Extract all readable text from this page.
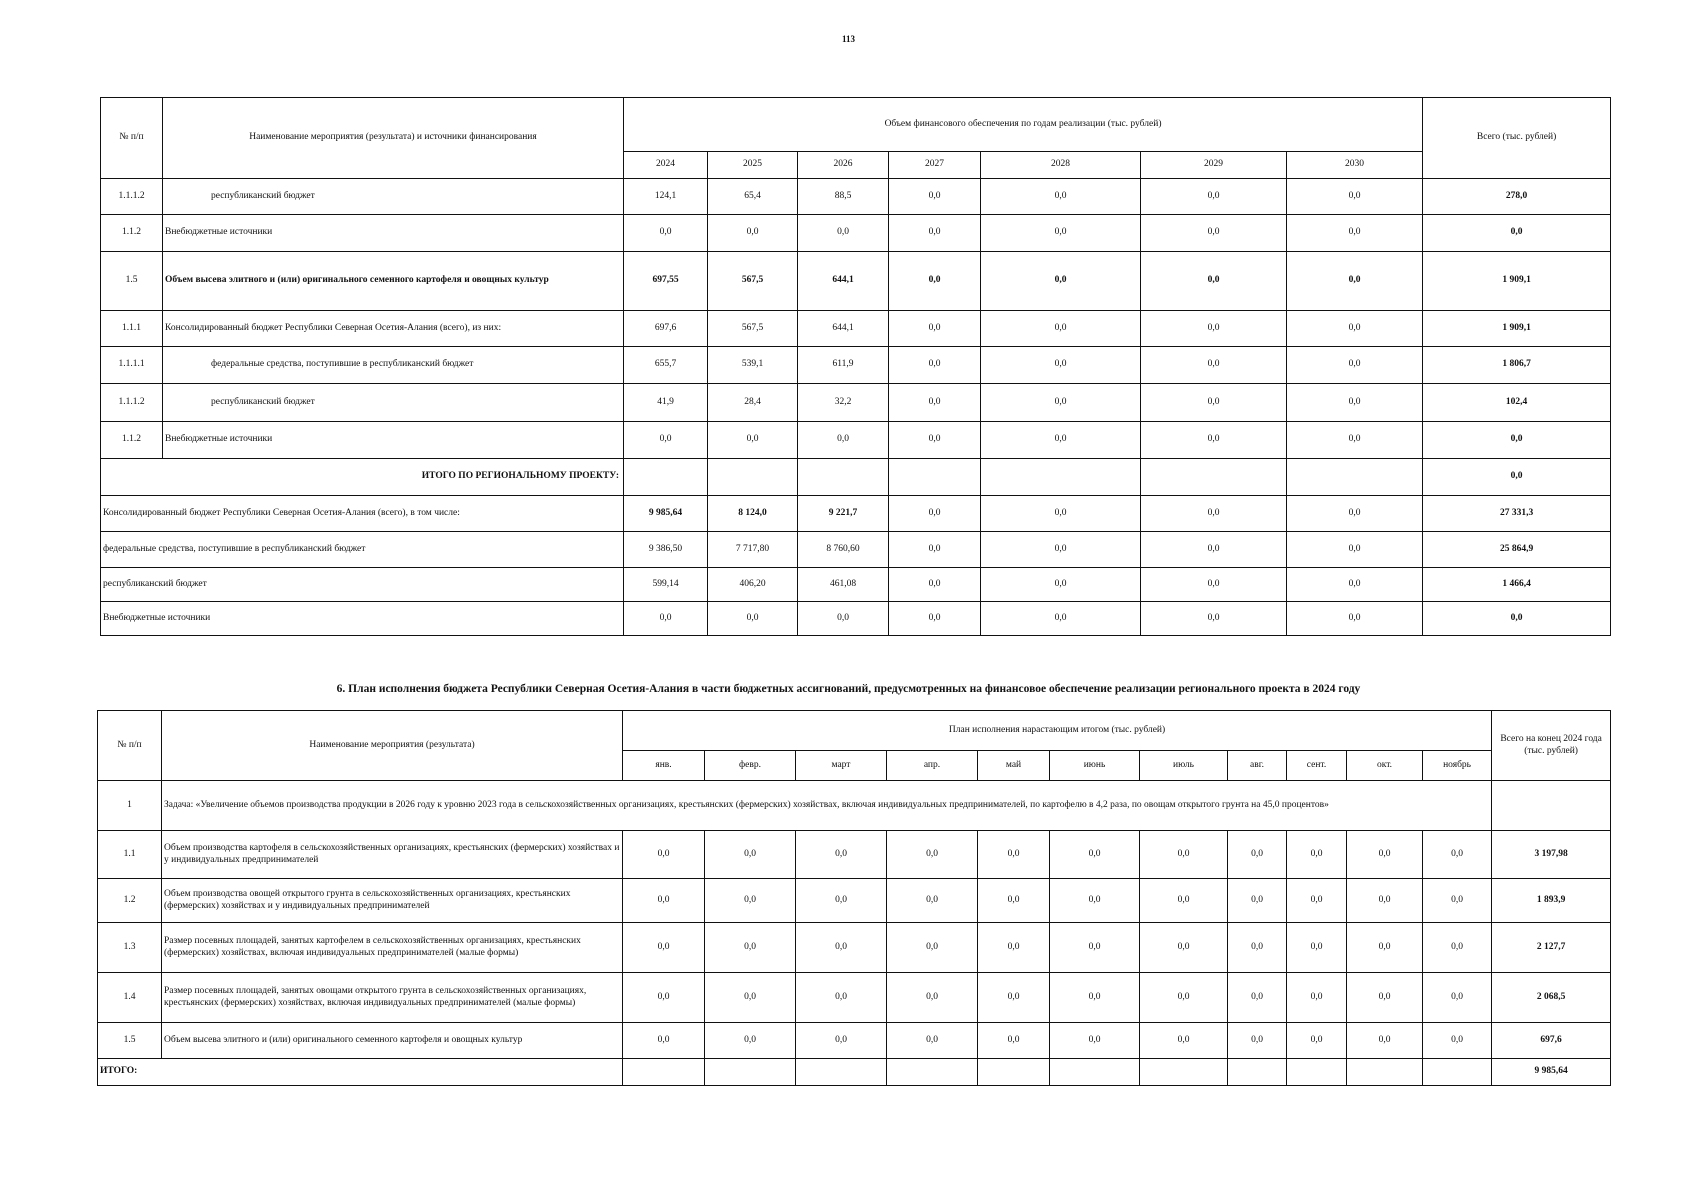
113
№ п/п	Наименование мероприятия (результата) и источники финансирования	Объем финансового обеспечения по годам реализации (тыс. рублей)							Всего (тыс. рублей)
		2024	2025	2026	2027	2028	2029	2030	
1.1.1.2	республиканский бюджет	124,1	65,4	88,5	0,0	0,0	0,0	0,0	278,0
1.1.2	Внебюджетные источники	0,0	0,0	0,0	0,0	0,0	0,0	0,0	0,0
1.5	Объем высева элитного и (или) оригинального семенного картофеля и овощных культур	697,55	567,5	644,1	0,0	0,0	0,0	0,0	1 909,1
1.1.1	Консолидированный бюджет Республики Северная Осетия-Алания (всего), из них:	697,6	567,5	644,1	0,0	0,0	0,0	0,0	1 909,1
1.1.1.1	федеральные средства, поступившие в республиканский бюджет	655,7	539,1	611,9	0,0	0,0	0,0	0,0	1 806,7
1.1.1.2	республиканский бюджет	41,9	28,4	32,2	0,0	0,0	0,0	0,0	102,4
1.1.2	Внебюджетные источники	0,0	0,0	0,0	0,0	0,0	0,0	0,0	0,0
ИТОГО ПО РЕГИОНАЛЬНОМУ ПРОЕКТУ:									0,0
Консолидированный бюджет Республики Северная Осетия-Алания (всего), в том числе:		9 985,64	8 124,0	9 221,7	0,0	0,0	0,0	0,0	27 331,3
федеральные средства, поступившие в республиканский бюджет		9 386,50	7 717,80	8 760,60	0,0	0,0	0,0	0,0	25 864,9
республиканский бюджет		599,14	406,20	461,08	0,0	0,0	0,0	0,0	1 466,4
Внебюджетные источники		0,0	0,0	0,0	0,0	0,0	0,0	0,0	0,0
6. План исполнения бюджета Республики Северная Осетия-Алания в части бюджетных ассигнований, предусмотренных на финансовое обеспечение реализации регионального проекта в 2024 году
№ п/п	Наименование мероприятия (результата)	План исполнения нарастающим итогом (тыс. рублей)											Всего на конец 2024 года (тыс. рублей)
		янв.	февр.	март	апр.	май	июнь	июль	авг.	сент.	окт.	ноябрь	
1	Задача: «Увеличение объемов производства продукции в 2026 году к уровню 2023 года в сельскохозяйственных организациях, крестьянских (фермерских) хозяйствах, включая индивидуальных предпринимателей, по картофелю в 4,2 раза, по овощам открытого грунта на 45,0 процентов»												
1.1	Объем производства картофеля в сельскохозяйственных организациях, крестьянских (фермерских) хозяйствах и у индивидуальных предпринимателей	0,0	0,0	0,0	0,0	0,0	0,0	0,0	0,0	0,0	0,0	0,0	3 197,98
1.2	Объем производства овощей открытого грунта в сельскохозяйственных организациях, крестьянских (фермерских) хозяйствах и у индивидуальных предпринимателей	0,0	0,0	0,0	0,0	0,0	0,0	0,0	0,0	0,0	0,0	0,0	1 893,9
1.3	Размер посевных площадей, занятых картофелем в сельскохозяйственных организациях, крестьянских (фермерских) хозяйствах, включая индивидуальных предпринимателей (малые формы)	0,0	0,0	0,0	0,0	0,0	0,0	0,0	0,0	0,0	0,0	0,0	2 127,7
1.4	Размер посевных площадей, занятых овощами открытого грунта в сельскохозяйственных организациях, крестьянских (фермерских) хозяйствах, включая индивидуальных предпринимателей (малые формы)	0,0	0,0	0,0	0,0	0,0	0,0	0,0	0,0	0,0	0,0	0,0	2 068,5
1.5	Объем высева элитного и (или) оригинального семенного картофеля и овощных культур	0,0	0,0	0,0	0,0	0,0	0,0	0,0	0,0	0,0	0,0	0,0	697,6
ИТОГО:													9 985,64
